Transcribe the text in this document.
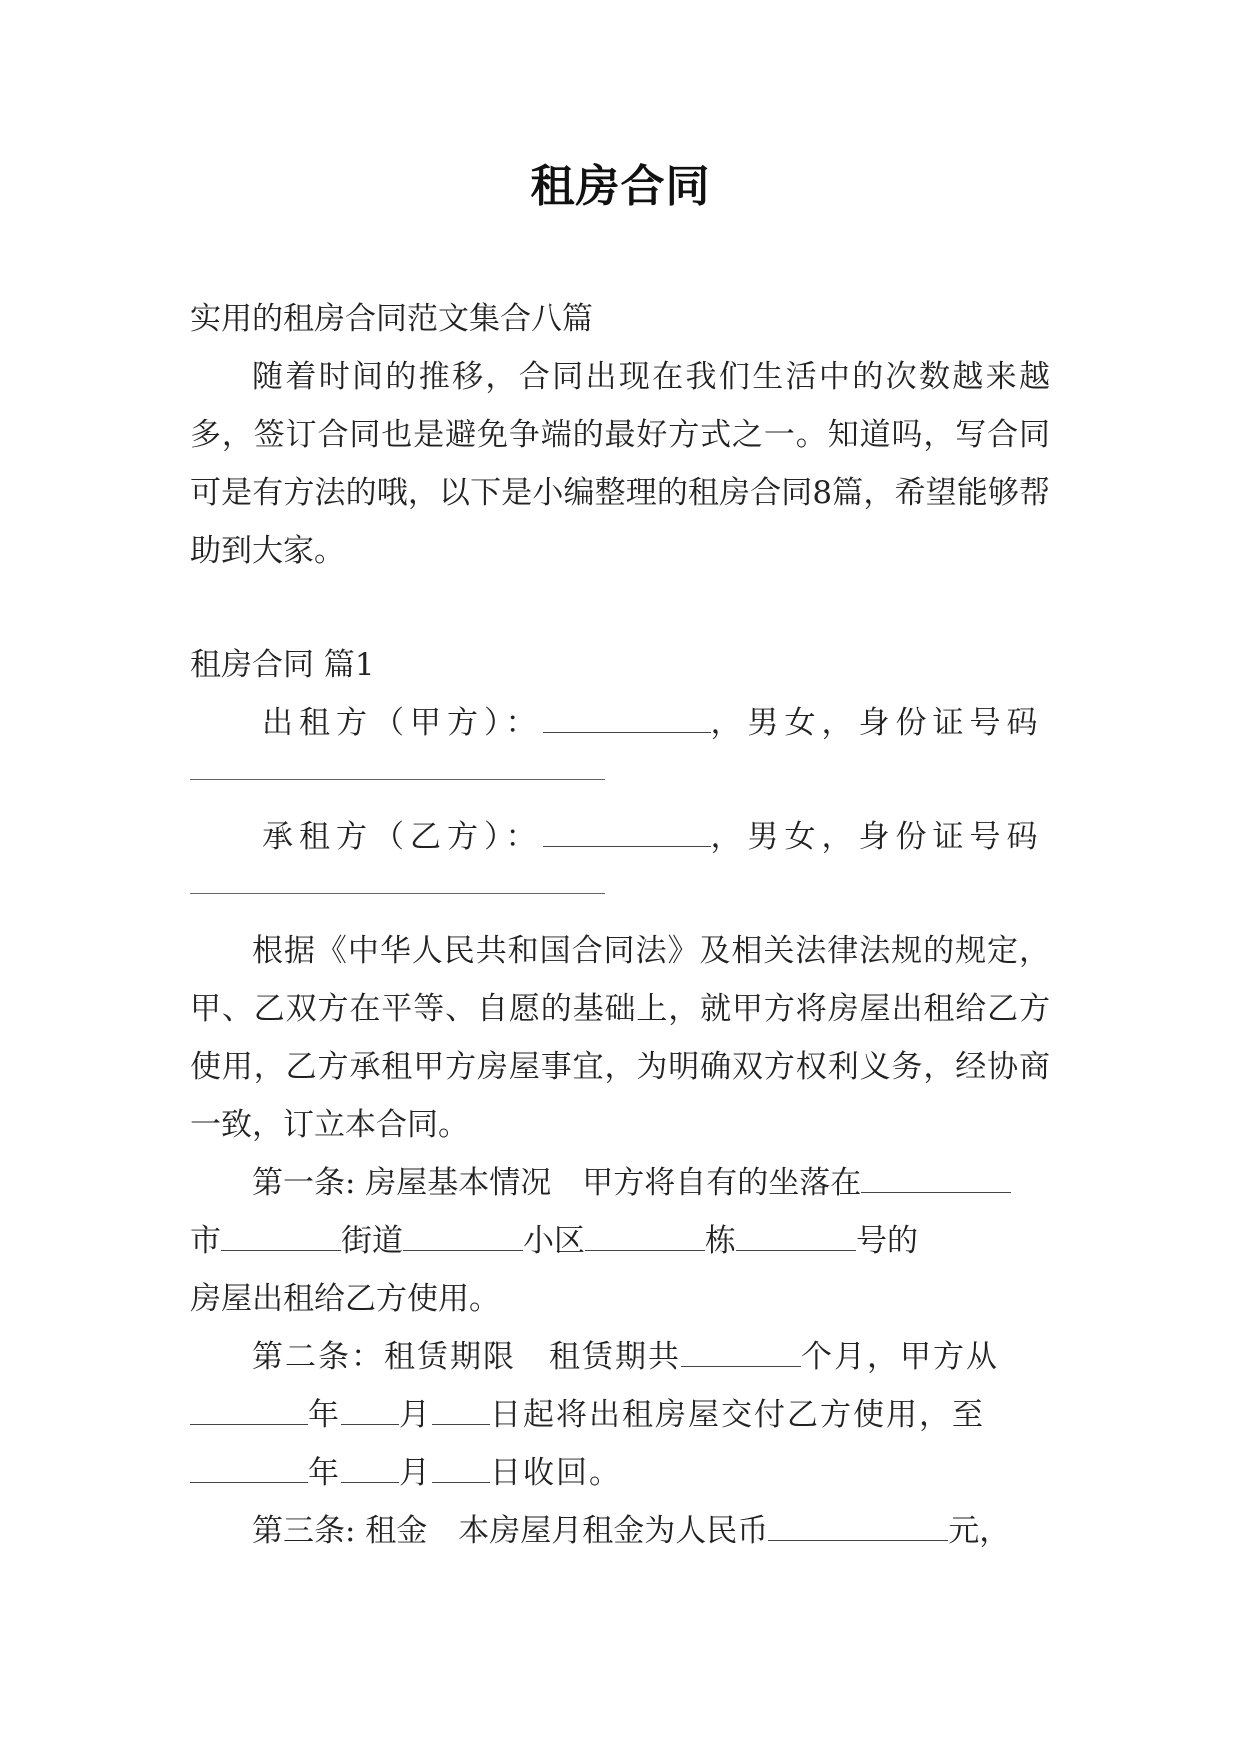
租房合同

实用的租房合同范文集合八篇

随着时间的推移，合同出现在我们生活中的次数越来越多，签订合同也是避免争端的最好方式之一。知道吗，写合同可是有方法的哦，以下是小编整理的租房合同8篇，希望能够帮助到大家。

租房合同 篇1

出租方（甲方）：	，男女，身份证号码
承租方（乙方）：	，男女，身份证号码

根据《中华人民共和国合同法》及相关法律法规的规定，甲、乙双方在平等、自愿的基础上，就甲方将房屋出租给乙方使用，乙方承租甲方房屋事宜，为明确双方权利义务，经协商一致，订立本合同。

第一条: 房屋基本情况　甲方将自有的坐落在
市	街道	小区	栋	号的
房屋出租给乙方使用。
第二条：租赁期限　租赁期共	个月，甲方从
年 月 日起将出租房屋交付乙方使用，至
年 月 日收回。
第三条: 租金　本房屋月租金为人民币	元，
